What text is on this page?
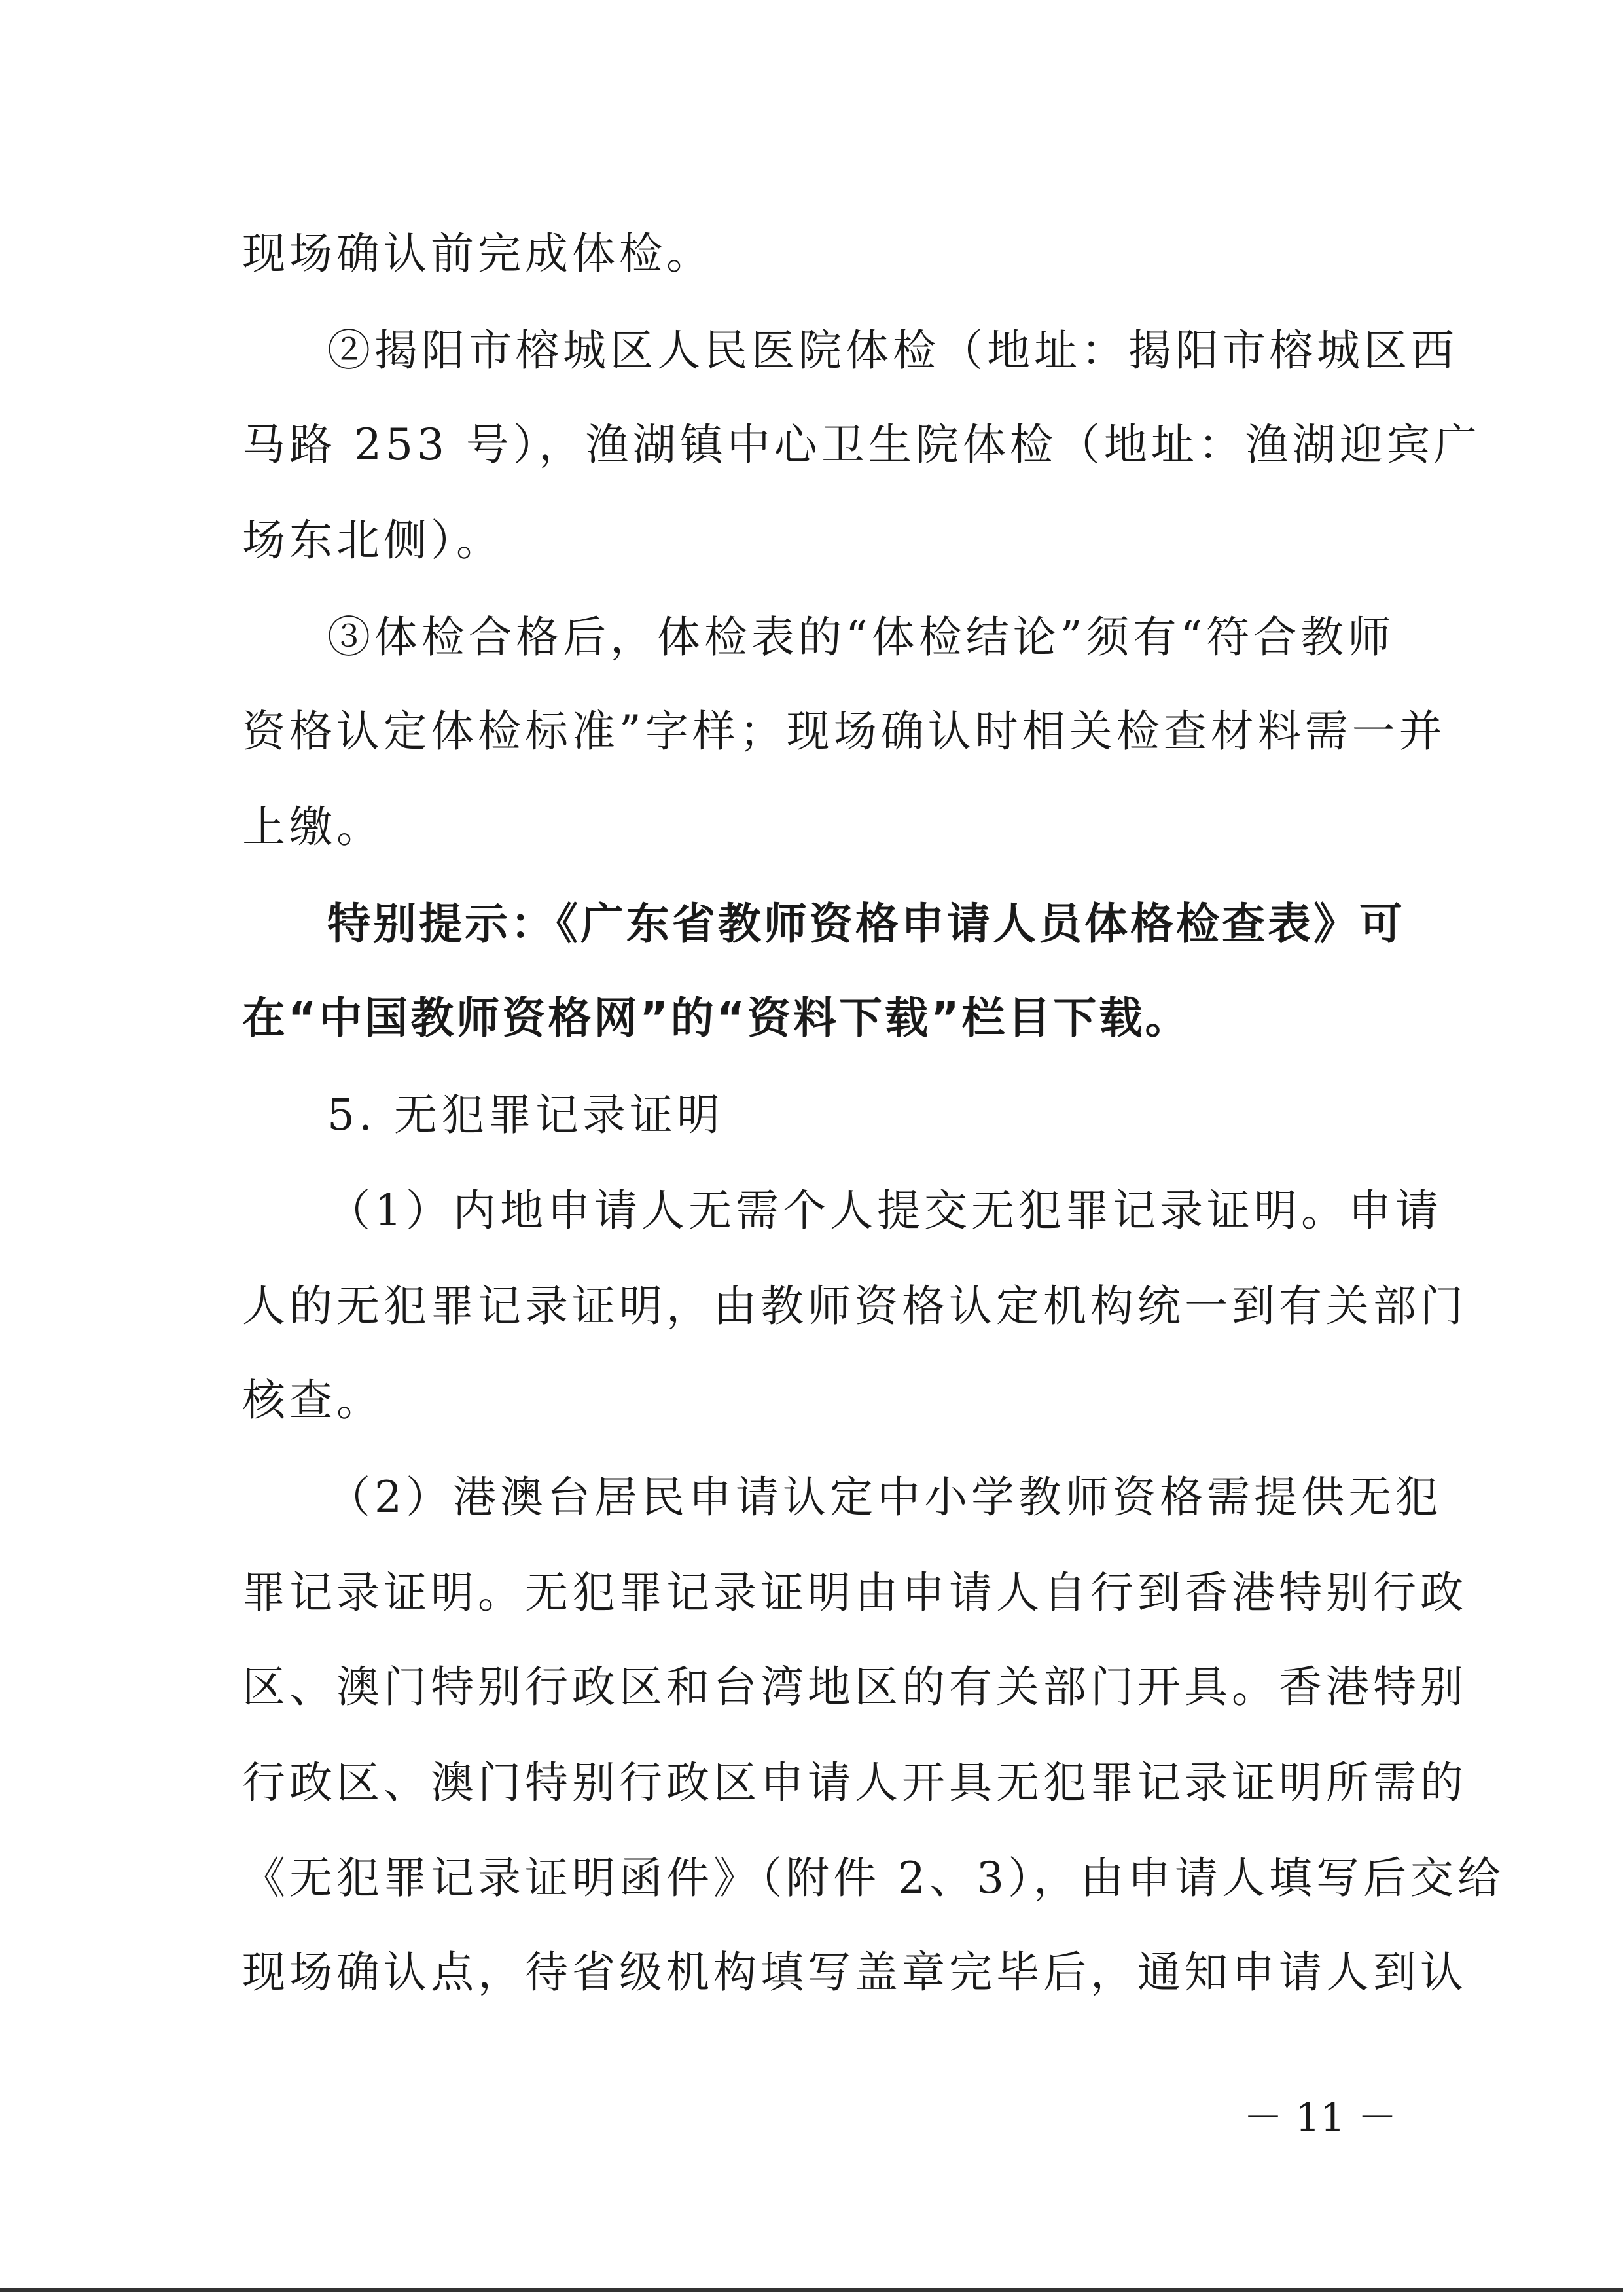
现场确认前完成体检。
②揭阳市榕城区人民医院体检（地址：揭阳市榕城区西
马路 253 号），渔湖镇中心卫生院体检（地址：渔湖迎宾广
场东北侧）。
③体检合格后，体检表的“体检结论”须有“符合教师
资格认定体检标准”字样；现场确认时相关检查材料需一并
上缴。
特别提示：《广东省教师资格申请人员体格检查表》可
在“中国教师资格网”的“资料下载”栏目下载。
5. 无犯罪记录证明
（1）内地申请人无需个人提交无犯罪记录证明。申请
人的无犯罪记录证明，由教师资格认定机构统一到有关部门
核查。
（2）港澳台居民申请认定中小学教师资格需提供无犯
罪记录证明。无犯罪记录证明由申请人自行到香港特别行政
区、澳门特别行政区和台湾地区的有关部门开具。香港特别
行政区、澳门特别行政区申请人开具无犯罪记录证明所需的
《无犯罪记录证明函件》（附件 2、3），由申请人填写后交给
现场确认点，待省级机构填写盖章完毕后，通知申请人到认
－ 11 －
